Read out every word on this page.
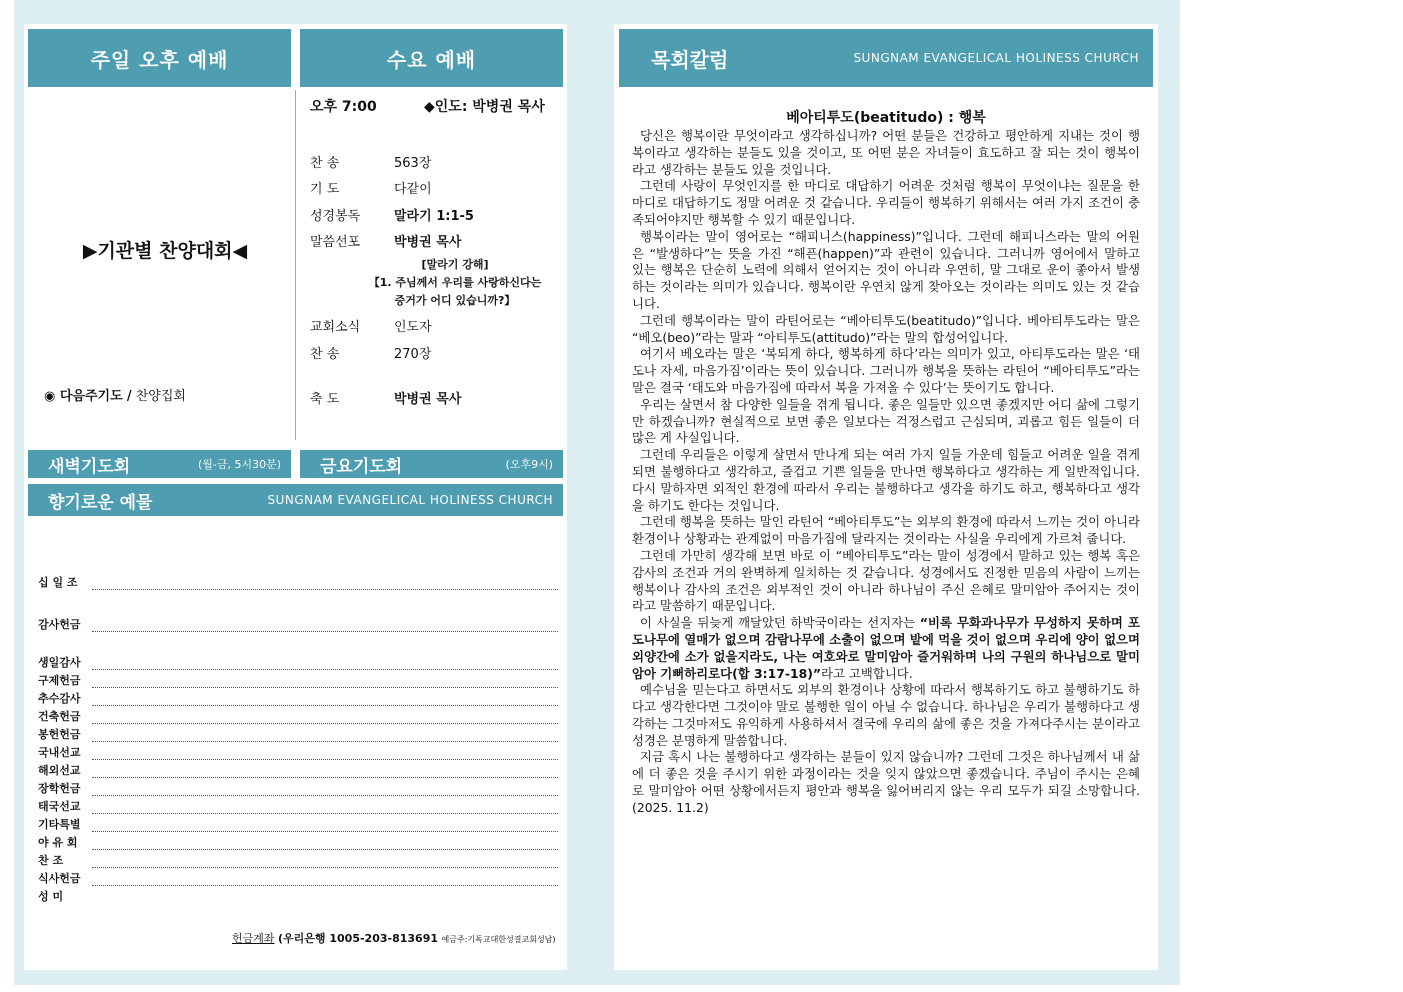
주일 오후 예배	수요 예배
▶기관별 찬양대회◀
◉ 다음주기도 / 찬양집회
오후 7:00	◆인도: 박병권 목사
찬 송	563장
기 도	다같이
성경봉독	말라기 1:1-5
말씀선포	박병권 목사
[말라기 강해]
【1. 주님께서 우리를 사랑하신다는
증거가 어디 있습니까?】
교회소식	인도자
찬 송	270장
축 도	박병권 목사
새벽기도회	(월-금, 5시30분) 금요기도회	(오후9시)
향기로운 예물	SUNGNAM EVANGELICAL HOLINESS CHURCH
십 일 조
감사헌금
생일감사
구제헌금
추수감사
건축헌금
봉헌헌금
국내선교
해외선교
장학헌금
태국선교
기타특별
야 유 회
찬 조
식사헌금
성 미
헌금계좌 (우리은행 1005-203-813691 예금주:기독교대한성결교회성남)
목회칼럼	SUNGNAM EVANGELICAL HOLINESS CHURCH
베아티투도(beatitudo) : 행복

당신은 행복이란 무엇이라고 생각하십니까? 어떤 분들은 건강하고 평안하게 지내는 것이 행복이라고 생각하는 분들도 있을 것이고, 또 어떤 분은 자녀들이 효도하고 잘 되는 것이 행복이라고 생각하는 분들도 있을 것입니다.

그런데 사랑이 무엇인지를 한 마디로 대답하기 어려운 것처럼 행복이 무엇이냐는 질문을 한 마디로 대답하기도 정말 어려운 것 같습니다. 우리들이 행복하기 위해서는 여러 가지 조건이 충족되어야지만 행복할 수 있기 때문입니다.

행복이라는 말이 영어로는 “해피니스(happiness)”입니다. 그런데 해피니스라는 말의 어원은 “발생하다”는 뜻을 가진 “해픈(happen)”과 관련이 있습니다. 그러니까 영어에서 말하고 있는 행복은 단순히 노력에 의해서 얻어지는 것이 아니라 우연히, 말 그대로 운이 좋아서 발생하는 것이라는 의미가 있습니다. 행복이란 우연치 않게 찾아오는 것이라는 의미도 있는 것 같습니다.

그런데 행복이라는 말이 라틴어로는 “베아티투도(beatitudo)”입니다. 베아티투도라는 말은 “베오(beo)”라는 말과 “아티투도(attitudo)”라는 말의 합성어입니다.

여기서 베오라는 말은 ‘복되게 하다, 행복하게 하다’라는 의미가 있고, 아티투도라는 말은 ‘태도나 자세, 마음가짐’이라는 뜻이 있습니다. 그러니까 행복을 뜻하는 라틴어 “베아티투도”라는 말은 결국 ‘태도와 마음가짐에 따라서 복을 가져올 수 있다’는 뜻이기도 합니다.

우리는 살면서 참 다양한 일들을 겪게 됩니다. 좋은 일들만 있으면 좋겠지만 어디 삶에 그렇기만 하겠습니까? 현실적으로 보면 좋은 일보다는 걱정스럽고 근심되며, 괴롭고 힘든 일들이 더 많은 게 사실입니다.

그런데 우리들은 이렇게 살면서 만나게 되는 여러 가지 일들 가운데 힘들고 어려운 일을 겪게 되면 불행하다고 생각하고, 즐겁고 기쁜 일들을 만나면 행복하다고 생각하는 게 일반적입니다. 다시 말하자면 외적인 환경에 따라서 우리는 불행하다고 생각을 하기도 하고, 행복하다고 생각을 하기도 한다는 것입니다.

그런데 행복을 뜻하는 말인 라틴어 “베아티투도”는 외부의 환경에 따라서 느끼는 것이 아니라 환경이나 상황과는 관계없이 마음가짐에 달라지는 것이라는 사실을 우리에게 가르쳐 줍니다.

그런데 가만히 생각해 보면 바로 이 “베아티투도”라는 말이 성경에서 말하고 있는 행복 혹은 감사의 조건과 거의 완벽하게 일치하는 것 같습니다. 성경에서도 진정한 믿음의 사람이 느끼는 행복이나 감사의 조건은 외부적인 것이 아니라 하나님이 주신 은혜로 말미암아 주어지는 것이라고 말씀하기 때문입니다.

이 사실을 뒤늦게 깨달았던 하박국이라는 선지자는 “비록 무화과나무가 무성하지 못하며 포도나무에 열매가 없으며 감람나무에 소출이 없으며 밭에 먹을 것이 없으며 우리에 양이 없으며 외양간에 소가 없을지라도, 나는 여호와로 말미암아 즐거워하며 나의 구원의 하나님으로 말미암아 기뻐하리로다(합 3:17-18)”라고 고백합니다.

예수님을 믿는다고 하면서도 외부의 환경이나 상황에 따라서 행복하기도 하고 불행하기도 하다고 생각한다면 그것이야 말로 불행한 일이 아닐 수 없습니다. 하나님은 우리가 불행하다고 생각하는 그것마저도 유익하게 사용하셔서 결국에 우리의 삶에 좋은 것을 가져다주시는 분이라고 성경은 분명하게 말씀합니다.

지금 혹시 나는 불행하다고 생각하는 분들이 있지 않습니까? 그런데 그것은 하나님께서 내 삶에 더 좋은 것을 주시기 위한 과정이라는 것을 잊지 않았으면 좋겠습니다. 주님이 주시는 은혜로 말미암아 어떤 상황에서든지 평안과 행복을 잃어버리지 않는 우리 모두가 되길 소망합니다. (2025. 11.2)
